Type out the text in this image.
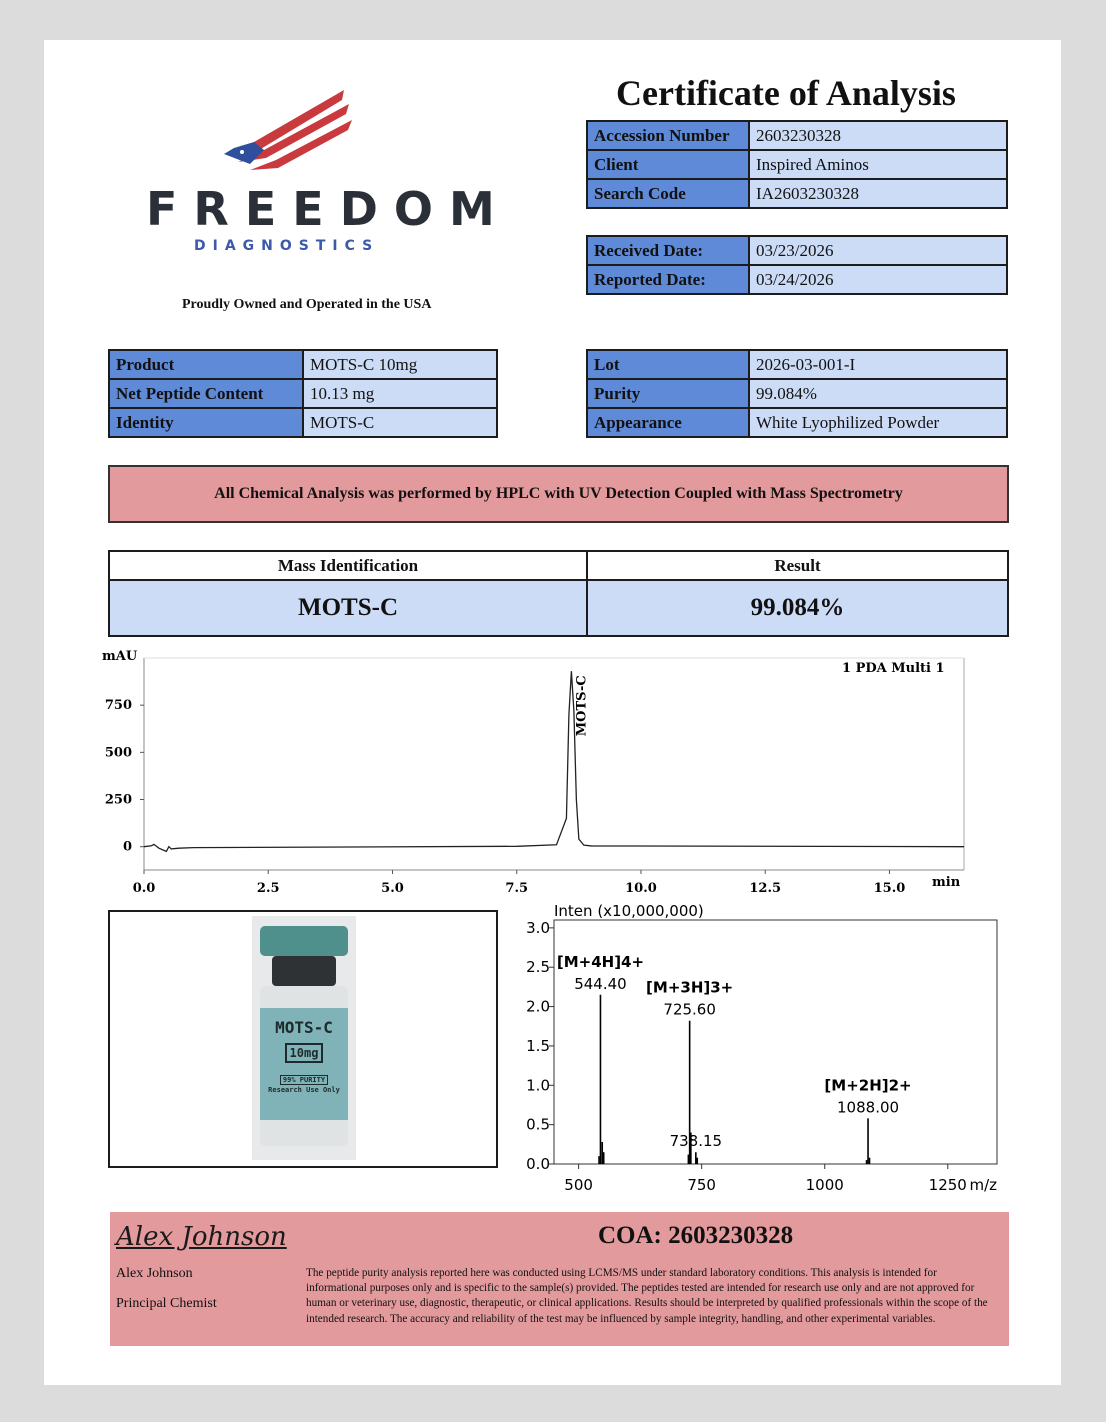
FREEDOM
DIAGNOSTICS
Proudly Owned and Operated in the USA
Certificate of Analysis
Accession Number	2603230328
Client	Inspired Aminos
Search Code	IA2603230328
Received Date:	03/23/2026
Reported Date:	03/24/2026
Product	MOTS-C 10mg
Net Peptide Content	10.13 mg
Identity	MOTS-C
Lot	2026-03-001-I
Purity	99.084%
Appearance	White Lyophilized Powder
All Chemical Analysis was performed by HPLC with UV Detection Coupled with Mass Spectrometry
Mass Identification	Result
MOTS-C	99.084%
mAU
min
1 PDA Multi 1
0
250
500
750
0.0	2.5	5.0	7.5	10.0	12.5	15.0
MOTS-C
MOTS-C
10mg 99% PURITY
Research Use Only
Inten (x10,000,000)
m/z
0.0
0.5
1.0
1.5
2.0
2.5
3.0
500	750	1000	1250
544.40
[M+4H]4+
725.60
[M+3H]3+
738.15
1088.00
[M+2H]2+
Alex Johnson
Alex Johnson
Principal Chemist
COA: 2603230328
The peptide purity analysis reported here was conducted using LCMS/MS under standard laboratory conditions. This analysis is intended for informational purposes only and is specific to the sample(s) provided. The peptides tested are intended for research use only and are not approved for human or veterinary use, diagnostic, therapeutic, or clinical applications. Results should be interpreted by qualified professionals within the scope of the intended research. The accuracy and reliability of the test may be influenced by sample integrity, handling, and other experimental variables.
